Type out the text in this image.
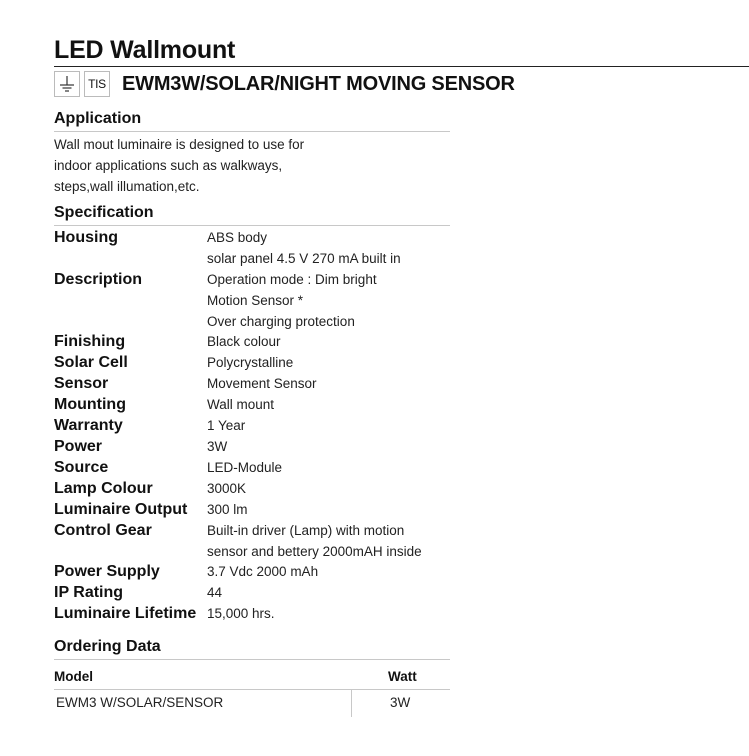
LED Wallmount
TIS EWM3W/SOLAR/NIGHT MOVING SENSOR
Application
Wall mout luminaire is designed to use for
indoor applications such as walkways,
steps,wall illumation,etc.
Specification
Housing	ABS body
solar panel 4.5 V 270 mA built in
Description	Operation mode : Dim bright
Motion Sensor *
Over charging protection
Finishing	Black colour
Solar Cell	Polycrystalline
Sensor	Movement Sensor
Mounting	Wall mount
Warranty	1 Year
Power	3W
Source	LED-Module
Lamp Colour	3000K
Luminaire Output	300 lm
Control Gear	Built-in driver (Lamp) with motion
sensor and bettery 2000mAH inside
Power Supply	3.7 Vdc 2000 mAh
IP Rating	44
Luminaire Lifetime 15,000 hrs.
Ordering Data
Model	Watt
EWM3 W/SOLAR/SENSOR	3W
